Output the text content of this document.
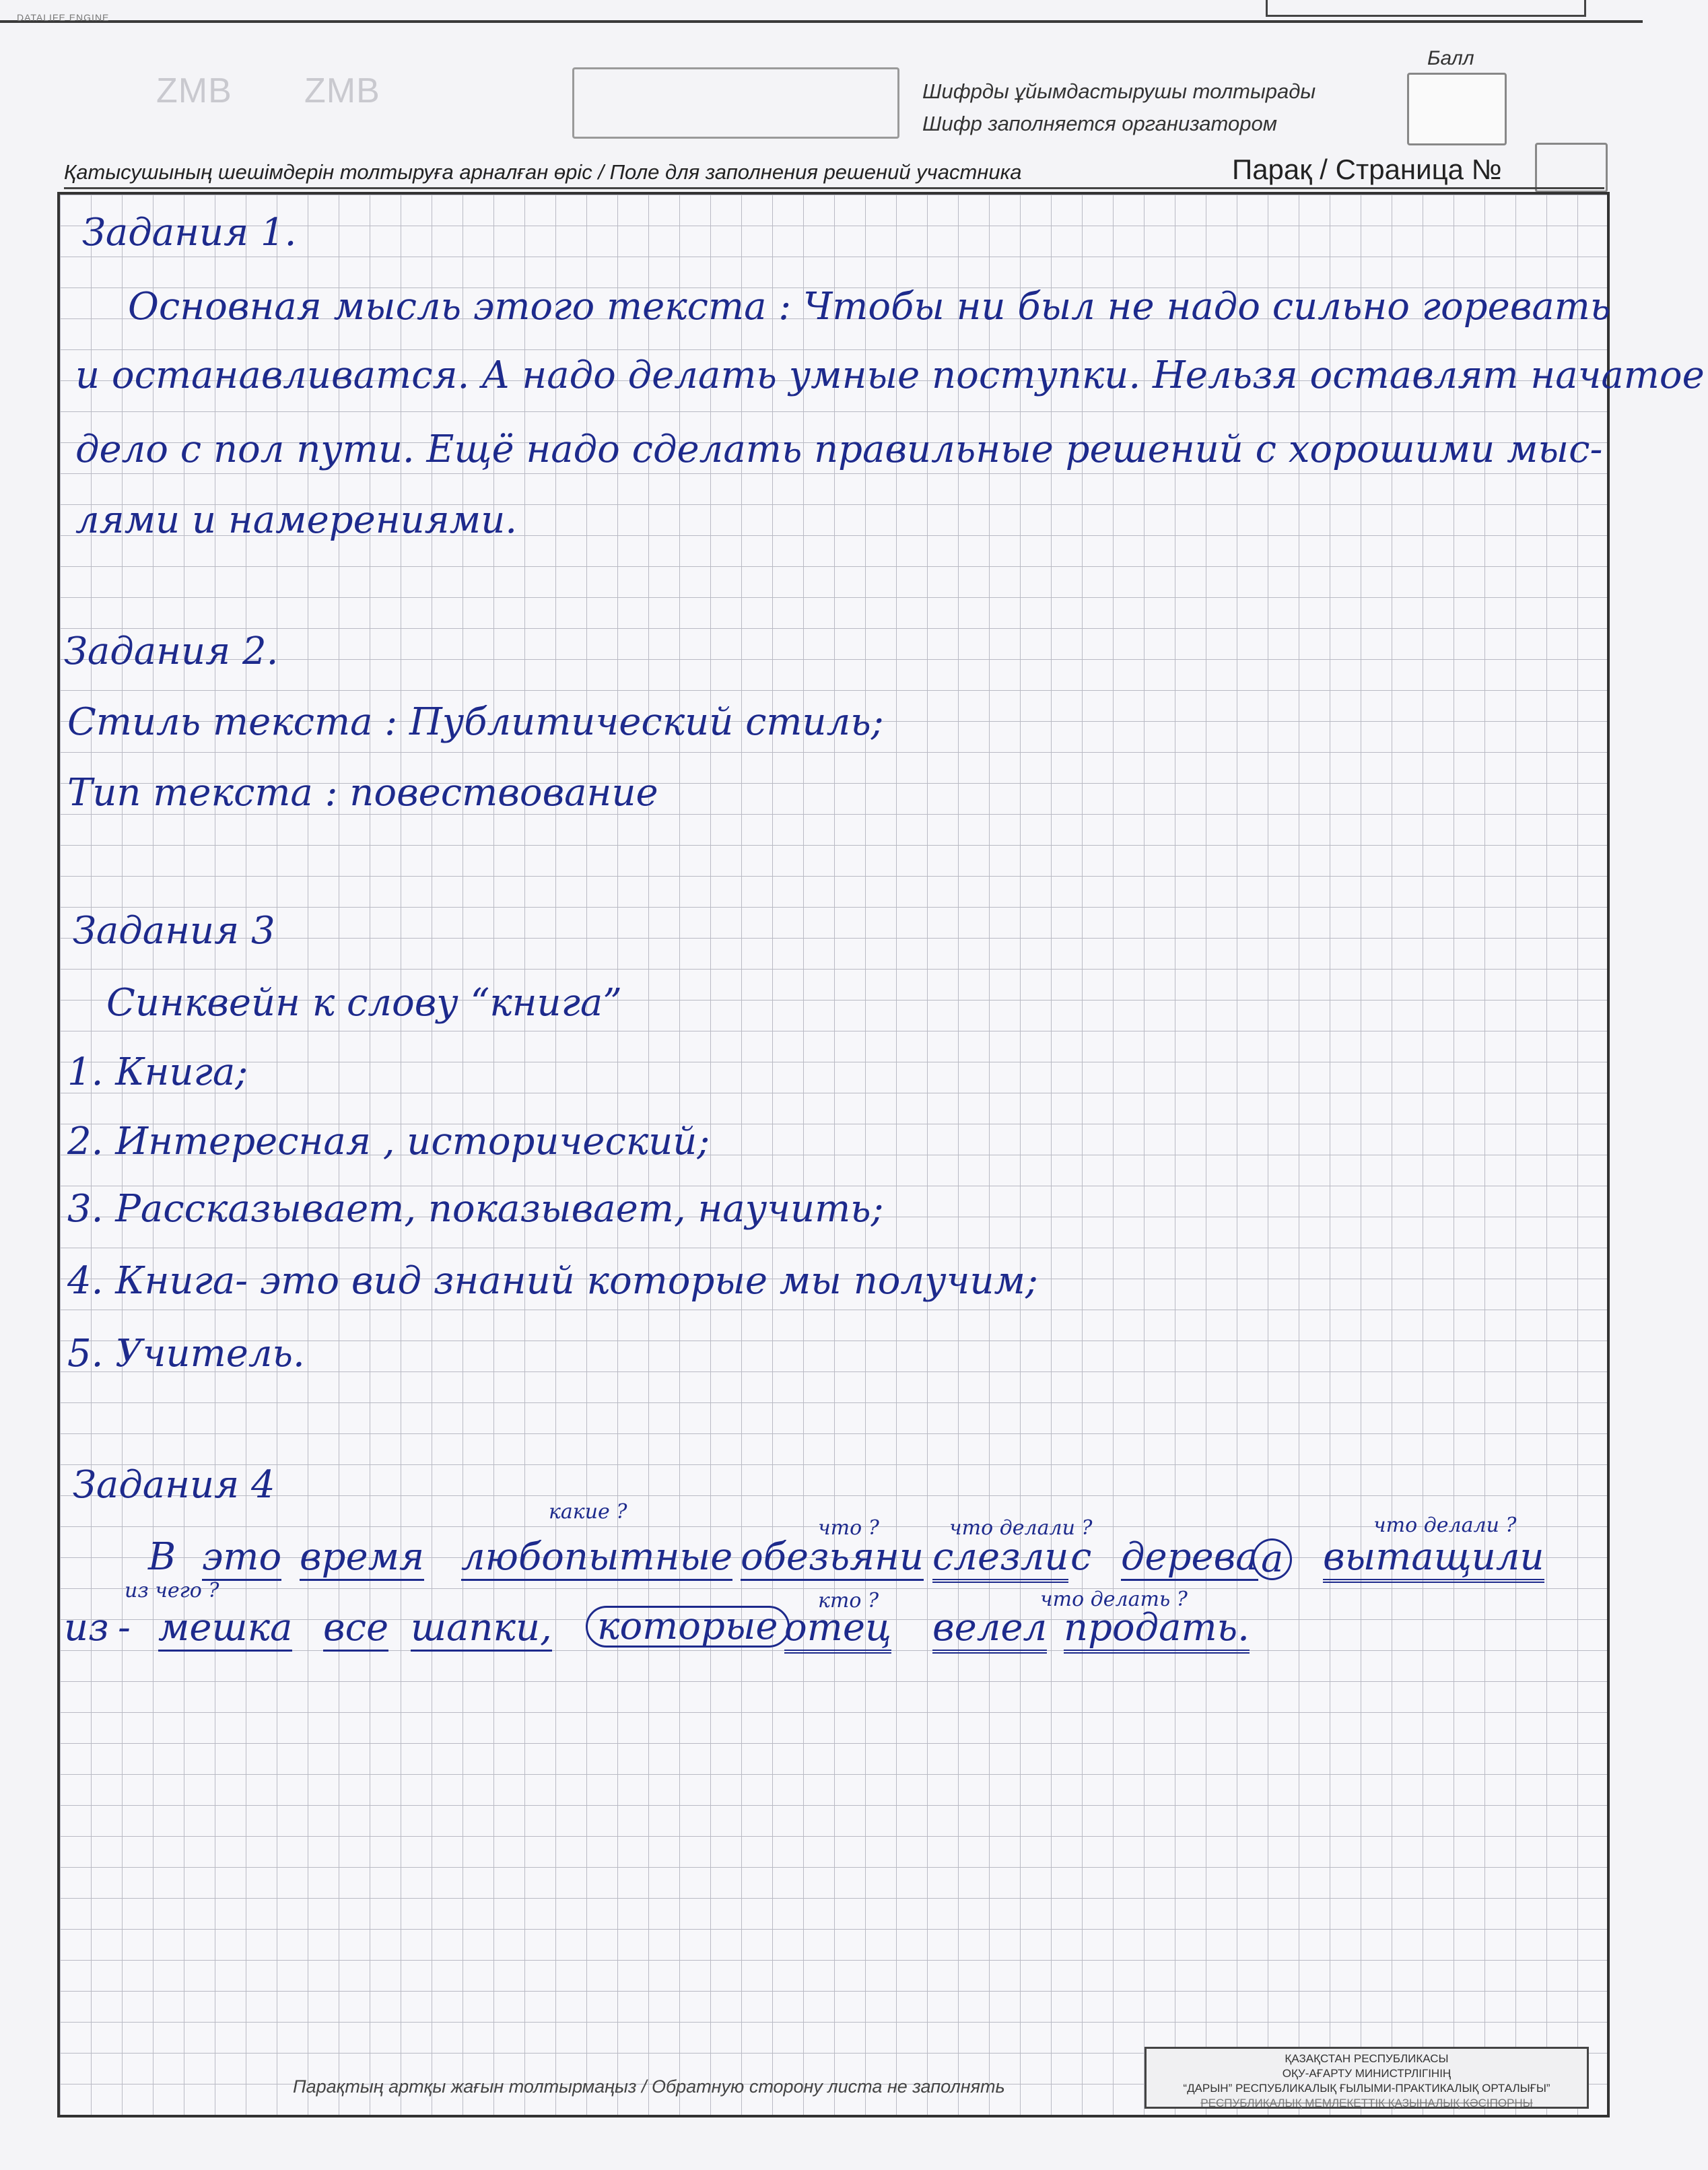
DATALIFE ENGINE
ZMB ZMB	Шифрды ұйымдастырушы толтырады
Шифр заполняется организатором
Балл
Қатысушының шешімдерін толтыруға арналған өріс / Поле для заполнения решений участника	Парақ / Страница №
Задания 1.
Основная мысль этого текста : Чтобы ни был не надо сильно горевать
и останавливатся. А надо делать умные поступки. Нельзя оставлят начатое
дело с пол пути. Ещё надо сделать правильные решений с хорошими мыс-
лями и намерениями.
Задания 2.
Стиль текста : Публитический стиль;
Тип текста : повествование
Задания 3
Синквейн к слову “книга”
1. Книга;
2. Интересная , исторический;
3. Рассказывает, показывает, научить;
4. Книга- это вид знаний которые мы получим;
5. Учитель.
Задания 4
В это время любопытные обезьяни слезли с дерева а вытащили
из - мешка все шапки,	которые отец велел продать.
какие ?
что ?	что делали ?	что делали ?
из чего ?	кто ?	что делать ?
Парақтың артқы жағын толтырмаңыз / Обратную сторону листа не заполнять
ҚАЗАҚСТАН РЕСПУБЛИКАСЫ
ОҚУ-АҒАРТУ МИНИСТРЛІГІНІҢ
“ДАРЫН” РЕСПУБЛИКАЛЫҚ ҒЫЛЫМИ-ПРАКТИКАЛЫҚ ОРТАЛЫҒЫ”
РЕСПУБЛИКАЛЫҚ МЕМЛЕКЕТТІК ҚАЗЫНАЛЫҚ КӘСІПОРНЫ
